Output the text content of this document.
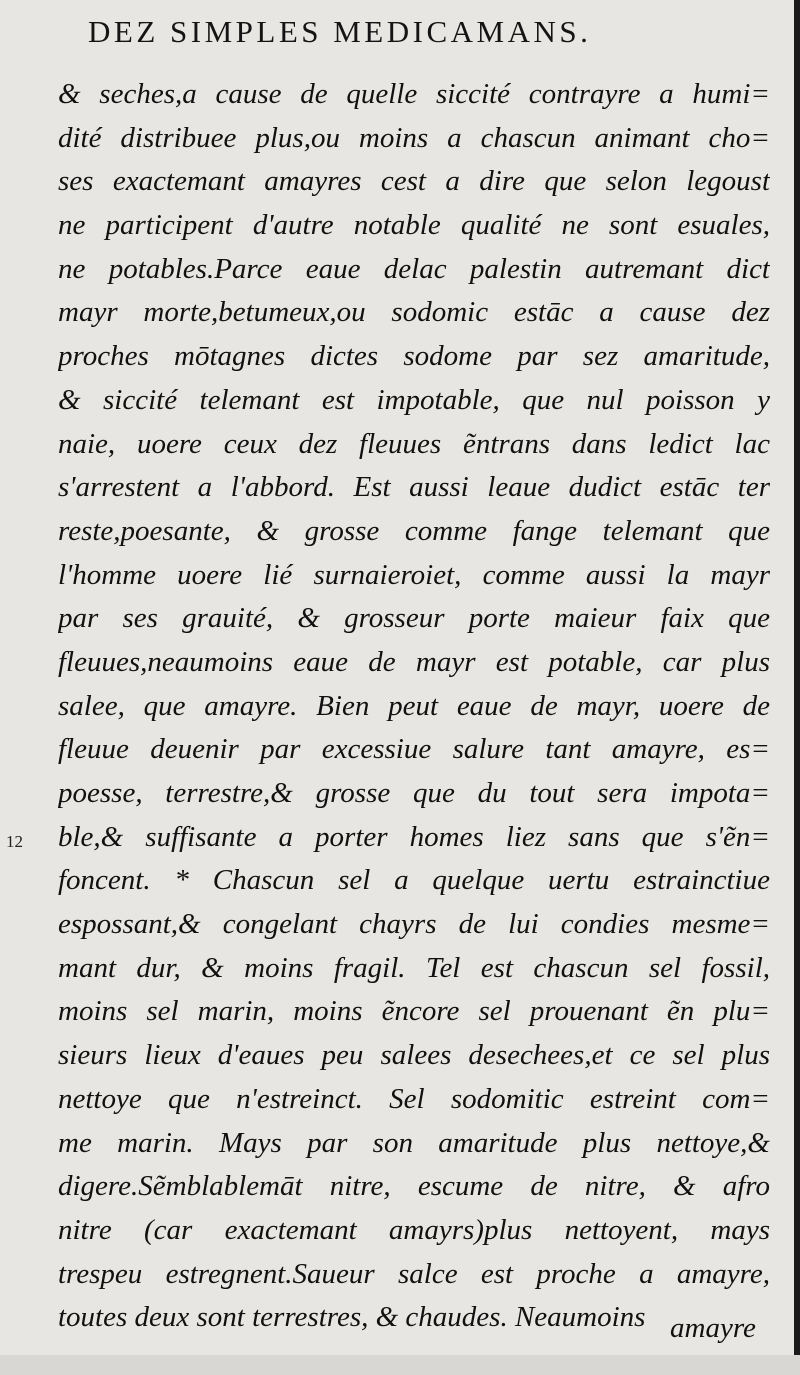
DEZ SIMPLES MEDICAMANS.
12
& seches,a cause de quelle siccité contrayre a humi=
dité distribuee plus,ou moins a chascun animant cho=
ses exactemant amayres cest a dire que selon legoust
ne participent d'autre notable qualité ne sont esuales,
ne potables.Parce eaue delac palestin autremant dict
mayr morte,betumeux,ou sodomic estāc a cause dez
proches mōtagnes dictes sodome par sez amaritude,
& siccité telemant est impotable, que nul poisson y
naie, uoere ceux dez fleuues ẽntrans dans ledict lac
s'arrestent a l'abbord. Est aussi leaue dudict estāc ter
reste,poesante, & grosse comme fange telemant que
l'homme uoere lié surnaieroiet, comme aussi la mayr
par ses grauité, & grosseur porte maieur faix que
fleuues,neaumoins eaue de mayr est potable, car plus
salee, que amayre. Bien peut eaue de mayr, uoere de
fleuue deuenir par excessiue salure tant amayre, es=
poesse, terrestre,& grosse que du tout sera impota=
ble,& suffisante a porter homes liez sans que s'ẽn=
foncent. * Chascun sel a quelque uertu estrainctiue
espossant,& congelant chayrs de lui condies mesme=
mant dur, & moins fragil. Tel est chascun sel fossil,
moins sel marin, moins ẽncore sel prouenant ẽn plu=
sieurs lieux d'eaues peu salees desechees,et ce sel plus
nettoye que n'estreinct. Sel sodomitic estreint com=
me marin. Mays par son amaritude plus nettoye,&
digere.Sẽmblablemāt nitre, escume de nitre, & afro
nitre (car exactemant amayrs)plus nettoyent, mays
trespeu estregnent.Saueur salce est proche a amayre,
toutes deux sont terrestres, & chaudes. Neaumoins amayre
